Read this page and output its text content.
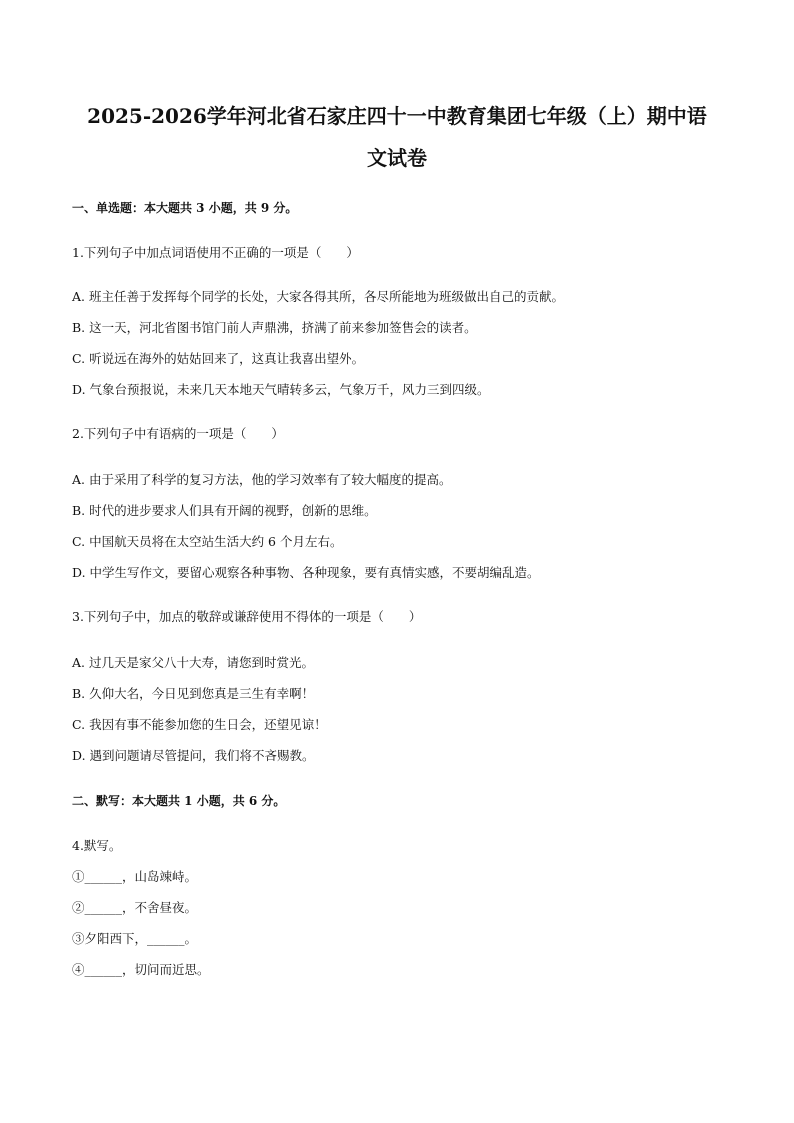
2025-2026学年河北省石家庄四十一中教育集团七年级（上）期中语
文试卷
一、单选题：本大题共 3 小题，共 9 分。
1.下列句子中加点词语使用不正确的一项是（　　）
A. 班主任善于发挥每个同学的长处，大家各得其所，各尽所能地为班级做出自己的贡献。
B. 这一天，河北省图书馆门前人声鼎沸，挤满了前来参加签售会的读者。
C. 听说远在海外的姑姑回来了，这真让我喜出望外。
D. 气象台预报说，未来几天本地天气晴转多云，气象万千，风力三到四级。
2.下列句子中有语病的一项是（　　）
A. 由于采用了科学的复习方法，他的学习效率有了较大幅度的提高。
B. 时代的进步要求人们具有开阔的视野，创新的思维。
C. 中国航天员将在太空站生活大约 6 个月左右。
D. 中学生写作文，要留心观察各种事物、各种现象，要有真情实感，不要胡编乱造。
3.下列句子中，加点的敬辞或谦辞使用不得体的一项是（　　）
A. 过几天是家父八十大寿，请您到时赏光。
B. 久仰大名，今日见到您真是三生有幸啊！
C. 我因有事不能参加您的生日会，还望见谅！
D. 遇到问题请尽管提问，我们将不吝赐教。
二、默写：本大题共 1 小题，共 6 分。
4.默写。
①______，山岛竦峙。
②______，不舍昼夜。
③夕阳西下，______。
④______，切问而近思。
